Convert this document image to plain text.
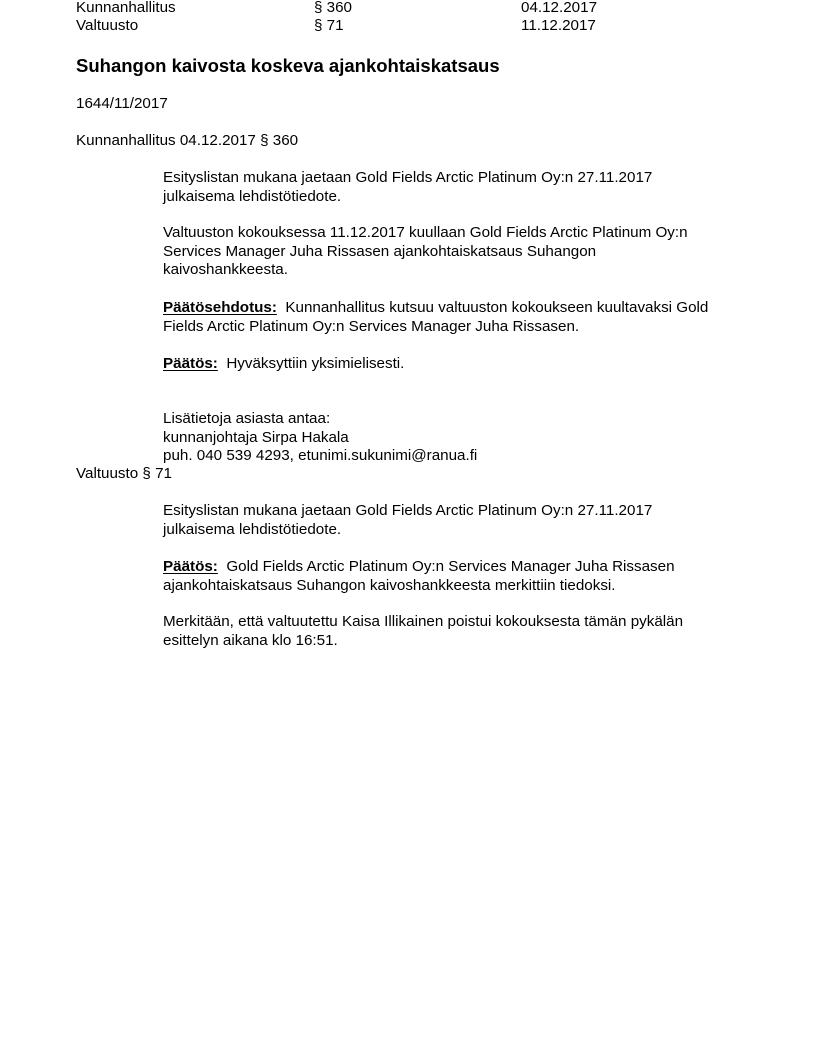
Kunnanhallitus	§ 360	04.12.2017
Valtuusto	§ 71	11.12.2017
Suhangon kaivosta koskeva ajankohtaiskatsaus
1644/11/2017
Kunnanhallitus 04.12.2017 § 360
Esityslistan mukana jaetaan Gold Fields Arctic Platinum Oy:n 27.11.2017
julkaisema lehdistötiedote.
Valtuuston kokouksessa 11.12.2017 kuullaan Gold Fields Arctic Platinum Oy:n
Services Manager Juha Rissasen ajankohtaiskatsaus Suhangon
kaivoshankkeesta.
Päätösehdotus: Kunnanhallitus kutsuu valtuuston kokoukseen kuultavaksi Gold
Fields Arctic Platinum Oy:n Services Manager Juha Rissasen.
Päätös: Hyväksyttiin yksimielisesti.
Lisätietoja asiasta antaa:
kunnanjohtaja Sirpa Hakala
puh. 040 539 4293, etunimi.sukunimi@ranua.fi
Valtuusto § 71
Esityslistan mukana jaetaan Gold Fields Arctic Platinum Oy:n 27.11.2017
julkaisema lehdistötiedote.
Päätös: Gold Fields Arctic Platinum Oy:n Services Manager Juha Rissasen
ajankohtaiskatsaus Suhangon kaivoshankkeesta merkittiin tiedoksi.
Merkitään, että valtuutettu Kaisa Illikainen poistui kokouksesta tämän pykälän
esittelyn aikana klo 16:51.
